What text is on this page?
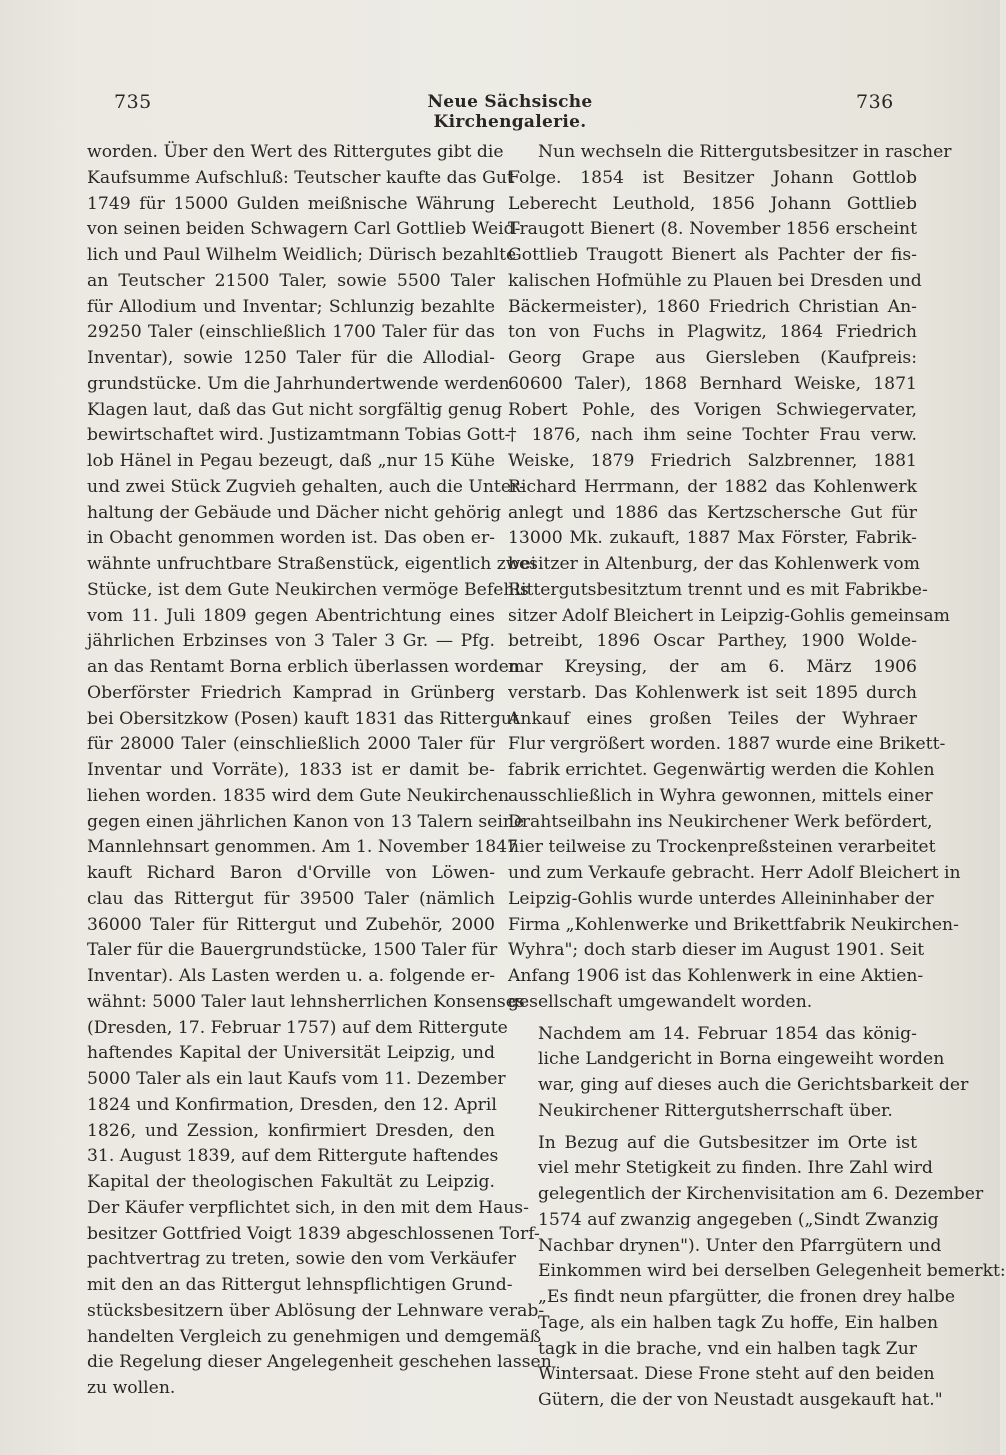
735	Neue Sächsische Kirchengalerie.
736

worden. Über den Wert des Rittergutes gibt die
Kaufsumme Aufschluß: Teutscher kaufte das Gut
1749 für 15000 Gulden meißnische Währung
von seinen beiden Schwagern Carl Gottlieb Weid-
lich und Paul Wilhelm Weidlich; Dürisch bezahlte
an Teutscher 21500 Taler, sowie 5500 Taler
für Allodium und Inventar; Schlunzig bezahlte
29250 Taler (einschließlich 1700 Taler für das
Inventar), sowie 1250 Taler für die Allodial-
grundstücke. Um die Jahrhundertwende werden
Klagen laut, daß das Gut nicht sorgfältig genug
bewirtschaftet wird. Justizamtmann Tobias Gott-
lob Hänel in Pegau bezeugt, daß „nur 15 Kühe
und zwei Stück Zugvieh gehalten, auch die Unter-
haltung der Gebäude und Dächer nicht gehörig
in Obacht genommen worden ist. Das oben er-
wähnte unfruchtbare Straßenstück, eigentlich zwei
Stücke, ist dem Gute Neukirchen vermöge Befehls
vom 11. Juli 1809 gegen Abentrichtung eines
jährlichen Erbzinses von 3 Taler 3 Gr. — Pfg.
an das Rentamt Borna erblich überlassen worden.
Oberförster Friedrich Kamprad in Grünberg
bei Obersitzkow (Posen) kauft 1831 das Rittergut
für 28000 Taler (einschließlich 2000 Taler für
Inventar und Vorräte), 1833 ist er damit be-
liehen worden. 1835 wird dem Gute Neukirchen
gegen einen jährlichen Kanon von 13 Talern seine
Mannlehnsart genommen. Am 1. November 1847
kauft Richard Baron d'Orville von Löwen-
clau das Rittergut für 39500 Taler (nämlich
36000 Taler für Rittergut und Zubehör, 2000
Taler für die Bauergrundstücke, 1500 Taler für
Inventar). Als Lasten werden u. a. folgende er-
wähnt: 5000 Taler laut lehnsherrlichen Konsenses
(Dresden, 17. Februar 1757) auf dem Rittergute
haftendes Kapital der Universität Leipzig, und
5000 Taler als ein laut Kaufs vom 11. Dezember
1824 und Konfirmation, Dresden, den 12. April
1826, und Zession, konfirmiert Dresden, den
31. August 1839, auf dem Rittergute haftendes
Kapital der theologischen Fakultät zu Leipzig.
Der Käufer verpflichtet sich, in den mit dem Haus-
besitzer Gottfried Voigt 1839 abgeschlossenen Torf-
pachtvertrag zu treten, sowie den vom Verkäufer
mit den an das Rittergut lehnspflichtigen Grund-
stücksbesitzern über Ablösung der Lehnware verab-
handelten Vergleich zu genehmigen und demgemäß
die Regelung dieser Angelegenheit geschehen lassen
zu wollen.

Nun wechseln die Rittergutsbesitzer in rascher
Folge. 1854 ist Besitzer Johann Gottlob
Leberecht Leuthold, 1856 Johann Gottlieb
Traugott Bienert (8. November 1856 erscheint
Gottlieb Traugott Bienert als Pachter der fis-
kalischen Hofmühle zu Plauen bei Dresden und
Bäckermeister), 1860 Friedrich Christian An-
ton von Fuchs in Plagwitz, 1864 Friedrich
Georg Grape aus Giersleben (Kaufpreis:
60600 Taler), 1868 Bernhard Weiske, 1871
Robert Pohle, des Vorigen Schwiegervater,
† 1876, nach ihm seine Tochter Frau verw.
Weiske, 1879 Friedrich Salzbrenner, 1881
Richard Herrmann, der 1882 das Kohlenwerk
anlegt und 1886 das Kertzschersche Gut für
13000 Mk. zukauft, 1887 Max Förster, Fabrik-
besitzer in Altenburg, der das Kohlenwerk vom
Rittergutsbesitztum trennt und es mit Fabrikbe-
sitzer Adolf Bleichert in Leipzig-Gohlis gemeinsam
betreibt, 1896 Oscar Parthey, 1900 Wolde-
mar Kreysing, der am 6. März 1906
verstarb. Das Kohlenwerk ist seit 1895 durch
Ankauf eines großen Teiles der Wyhraer
Flur vergrößert worden. 1887 wurde eine Brikett-
fabrik errichtet. Gegenwärtig werden die Kohlen
ausschließlich in Wyhra gewonnen, mittels einer
Drahtseilbahn ins Neukirchener Werk befördert,
hier teilweise zu Trockenpreßsteinen verarbeitet
und zum Verkaufe gebracht. Herr Adolf Bleichert in
Leipzig-Gohlis wurde unterdes Alleininhaber der
Firma „Kohlenwerke und Brikettfabrik Neukirchen-
Wyhra"; doch starb dieser im August 1901. Seit
Anfang 1906 ist das Kohlenwerk in eine Aktien-
gesellschaft umgewandelt worden.

Nachdem am 14. Februar 1854 das könig-
liche Landgericht in Borna eingeweiht worden
war, ging auf dieses auch die Gerichtsbarkeit der
Neukirchener Rittergutsherrschaft über.

In Bezug auf die Gutsbesitzer im Orte ist
viel mehr Stetigkeit zu finden. Ihre Zahl wird
gelegentlich der Kirchenvisitation am 6. Dezember
1574 auf zwanzig angegeben („Sindt Zwanzig
Nachbar drynen"). Unter den Pfarrgütern und
Einkommen wird bei derselben Gelegenheit bemerkt:
„Es findt neun pfargütter, die fronen drey halbe
Tage, als ein halben tagk Zu hoffe, Ein halben
tagk in die brache, vnd ein halben tagk Zur
Wintersaat. Diese Frone steht auf den beiden
Gütern, die der von Neustadt ausgekauft hat."
